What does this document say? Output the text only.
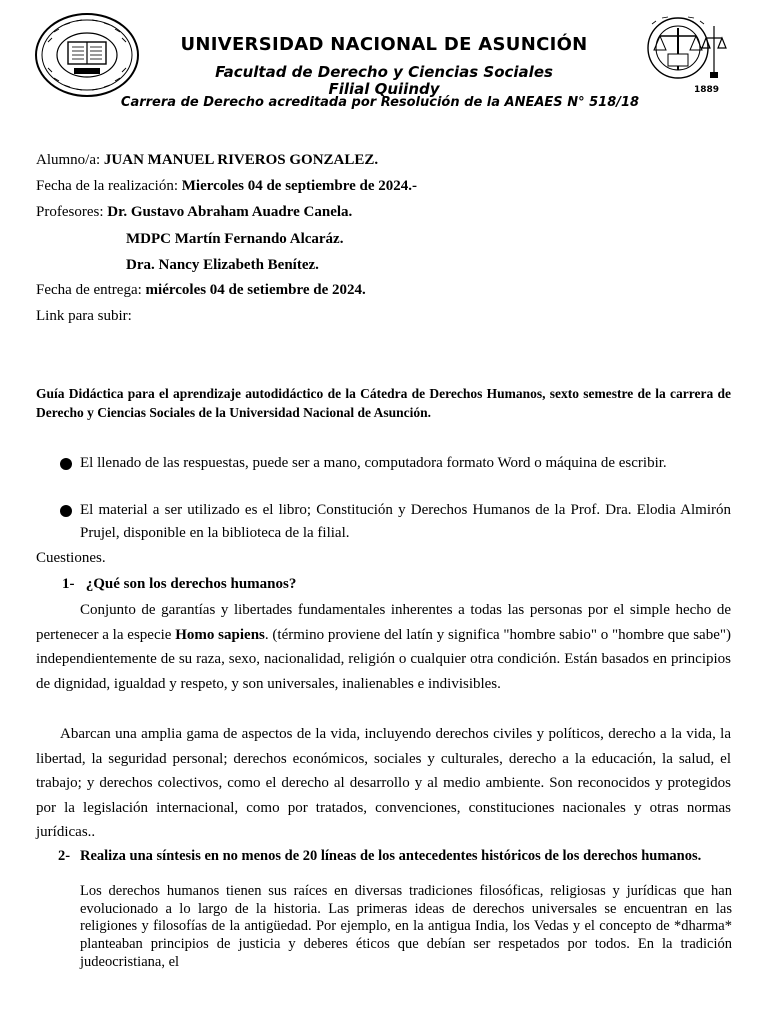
1889
UNIVERSIDAD NACIONAL DE ASUNCIÓN
Facultad de Derecho y Ciencias Sociales
Filial Quiindy
Carrera de Derecho acreditada por Resolución de la ANEAES N° 518/18
Alumno/a: JUAN MANUEL RIVEROS GONZALEZ.
Fecha de la realización: Miercoles 04 de septiembre de 2024.-
Profesores: Dr. Gustavo Abraham Auadre Canela.
MDPC Martín Fernando Alcaráz.
Dra. Nancy Elizabeth Benítez.
Fecha de entrega: miércoles 04 de setiembre de 2024.
Link para subir:
Guía Didáctica para el aprendizaje autodidáctico de la Cátedra de Derechos Humanos, sexto semestre de la carrera de Derecho y Ciencias Sociales de la Universidad Nacional de Asunción.
El llenado de las respuestas, puede ser a mano, computadora formato Word o máquina de escribir.
El material a ser utilizado es el libro; Constitución y Derechos Humanos de la Prof. Dra. Elodia Almirón Prujel, disponible en la biblioteca de la filial.
Cuestiones.
1- ¿Qué son los derechos humanos?

Conjunto de garantías y libertades fundamentales inherentes a todas las personas por el simple hecho de pertenecer a la especie Homo sapiens. (término proviene del latín y significa "hombre sabio" o "hombre que sabe") independientemente de su raza, sexo, nacionalidad, religión o cualquier otra condición. Están basados en principios de dignidad, igualdad y respeto, y son universales, inalienables e indivisibles.

Abarcan una amplia gama de aspectos de la vida, incluyendo derechos civiles y políticos, derecho a la vida, la libertad, la seguridad personal; derechos económicos, sociales y culturales, derecho a la educación, la salud, el trabajo; y derechos colectivos, como el derecho al desarrollo y al medio ambiente. Son reconocidos y protegidos por la legislación internacional, como por tratados, convenciones, constituciones nacionales y otras normas jurídicas..

2- Realiza una síntesis en no menos de 20 líneas de los antecedentes históricos de los derechos humanos.
Los derechos humanos tienen sus raíces en diversas tradiciones filosóficas, religiosas y jurídicas que han evolucionado a lo largo de la historia. Las primeras ideas de derechos universales se encuentran en las religiones y filosofías de la antigüedad. Por ejemplo, en la antigua India, los Vedas y el concepto de *dharma* planteaban principios de justicia y deberes éticos que debían ser respetados por todos. En la tradición judeocristiana, el
